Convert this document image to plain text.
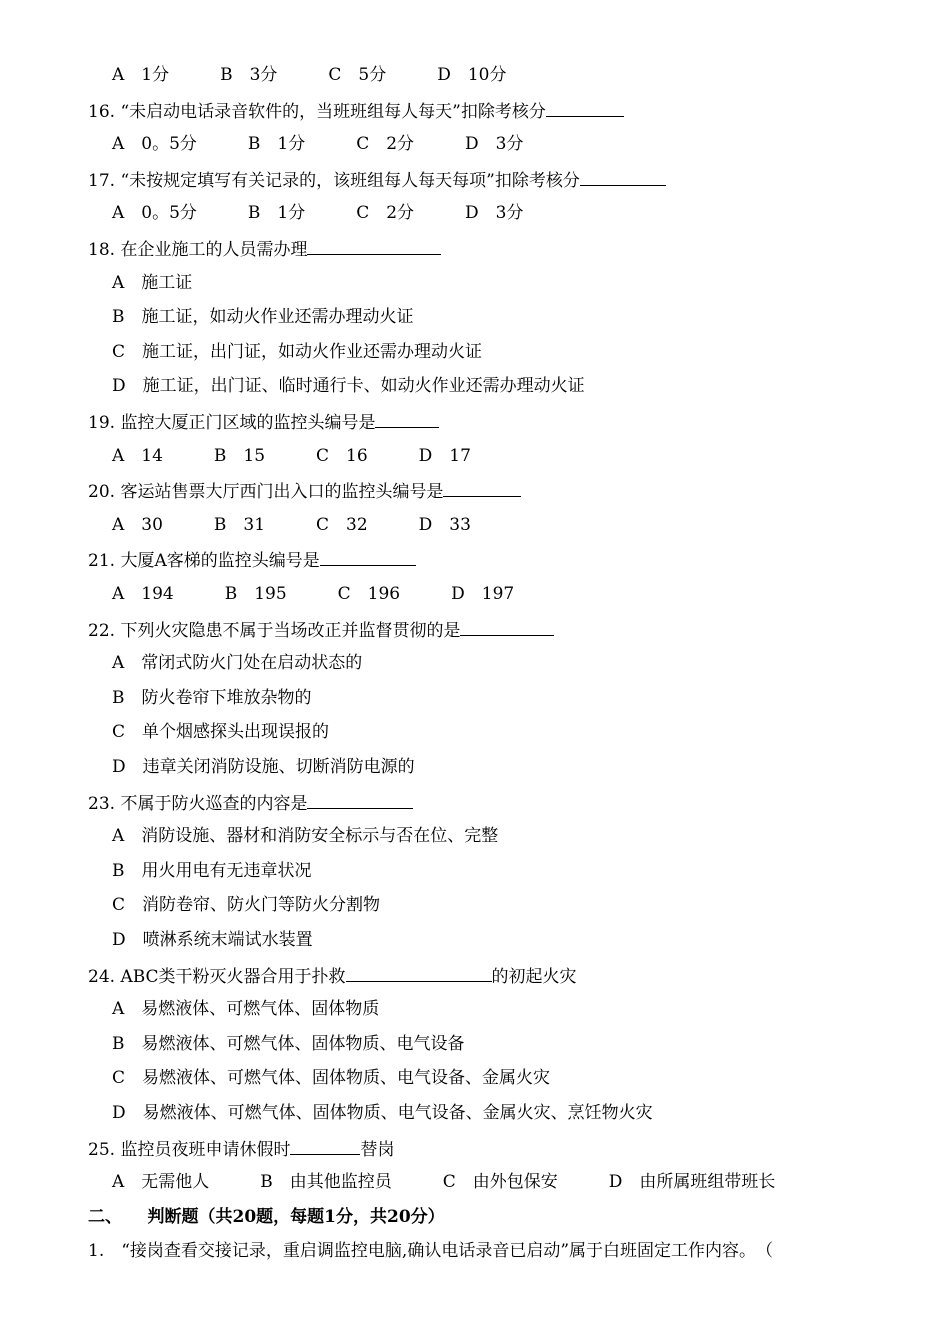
A　1分　　　B　3分　　　C　5分　　　D　10分
16. “未启动电话录音软件的，当班班组每人每天”扣除考核分
A　0。5分　　　B　1分　　　C　2分　　　D　3分
17. “未按规定填写有关记录的，该班组每人每天每项”扣除考核分
A　0。5分　　　B　1分　　　C　2分　　　D　3分
18. 在企业施工的人员需办理
A　施工证
B　施工证，如动火作业还需办理动火证
C　施工证，出门证，如动火作业还需办理动火证
D　施工证，出门证、临时通行卡、如动火作业还需办理动火证
19. 监控大厦正门区域的监控头编号是
A　14　　　B　15　　　C　16　　　D　17
20. 客运站售票大厅西门出入口的监控头编号是
A　30　　　B　31　　　C　32　　　D　33
21. 大厦A客梯的监控头编号是
A　194　　　B　195　　　C　196　　　D　197
22. 下列火灾隐患不属于当场改正并监督贯彻的是
A　常闭式防火门处在启动状态的
B　防火卷帘下堆放杂物的
C　单个烟感探头出现误报的
D　违章关闭消防设施、切断消防电源的
23. 不属于防火巡查的内容是
A　消防设施、器材和消防安全标示与否在位、完整
B　用火用电有无违章状况
C　消防卷帘、防火门等防火分割物
D　喷淋系统末端试水装置
24. ABC类干粉灭火器合用于扑救	的初起火灾
A　易燃液体、可燃气体、固体物质
B　易燃液体、可燃气体、固体物质、电气设备
C　易燃液体、可燃气体、固体物质、电气设备、金属火灾
D　易燃液体、可燃气体、固体物质、电气设备、金属火灾、烹饪物火灾
25. 监控员夜班申请休假时	替岗
A　无需他人　　　B　由其他监控员　　　C　由外包保安　　　D　由所属班组带班长
二、　　判断题（共20题，每题1分，共20分）
1.　“接岗查看交接记录，重启调监控电脑,确认电话录音已启动”属于白班固定工作内容。　（
